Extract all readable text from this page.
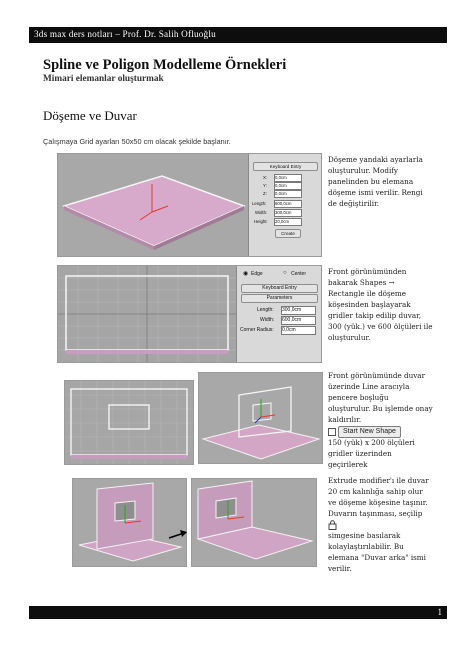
3ds max ders notları – Prof. Dr. Salih Ofluoğlu
Spline ve Poligon Modelleme Örnekleri
Mimari elemanlar oluşturmak
Döşeme ve Duvar
Çalışmaya Grid ayarları 50x50 cm olacak şekilde başlanır.
Keyboard Entry
X: 0,0cm
Y: 0,0cm
Z: 0,0cm
Length: 600,0cm
Width: 300,0cm
Height: 20,0cm
Create
Döşeme yandaki ayarlarla oluşturulur. Modify panelinden bu elemana döşeme ismi verilir. Rengi de değiştirilir.
◉ Edge	○ Center
Keyboard Entry
Parameters
Length: 300,0cm
Width: 600,0cm
Corner Radius: 0,0cm
Front görünümünden bakarak Shapes → Rectangle ile döşeme köşesinden başlayarak gridler takip edilip duvar, 300 (yük.) ve 600 ölçüleri ile oluşturulur.

Front görünümünde duvar üzerinde Line aracıyla pencere boşluğu oluşturulur. Bu işlemde onay kaldırılır.

Start New Shape

150 (yük) x 200 ölçüleri gridler üzerinden geçirilerek

Extrude modifier'ı ile duvar 20 cm kalınlığa sahip olur ve döşeme köşesine taşınır. Duvarın taşınması, seçilip

simgesine basılarak kolaylaştırılabilir. Bu elemana "Duvar arka" ismi verilir.

1
